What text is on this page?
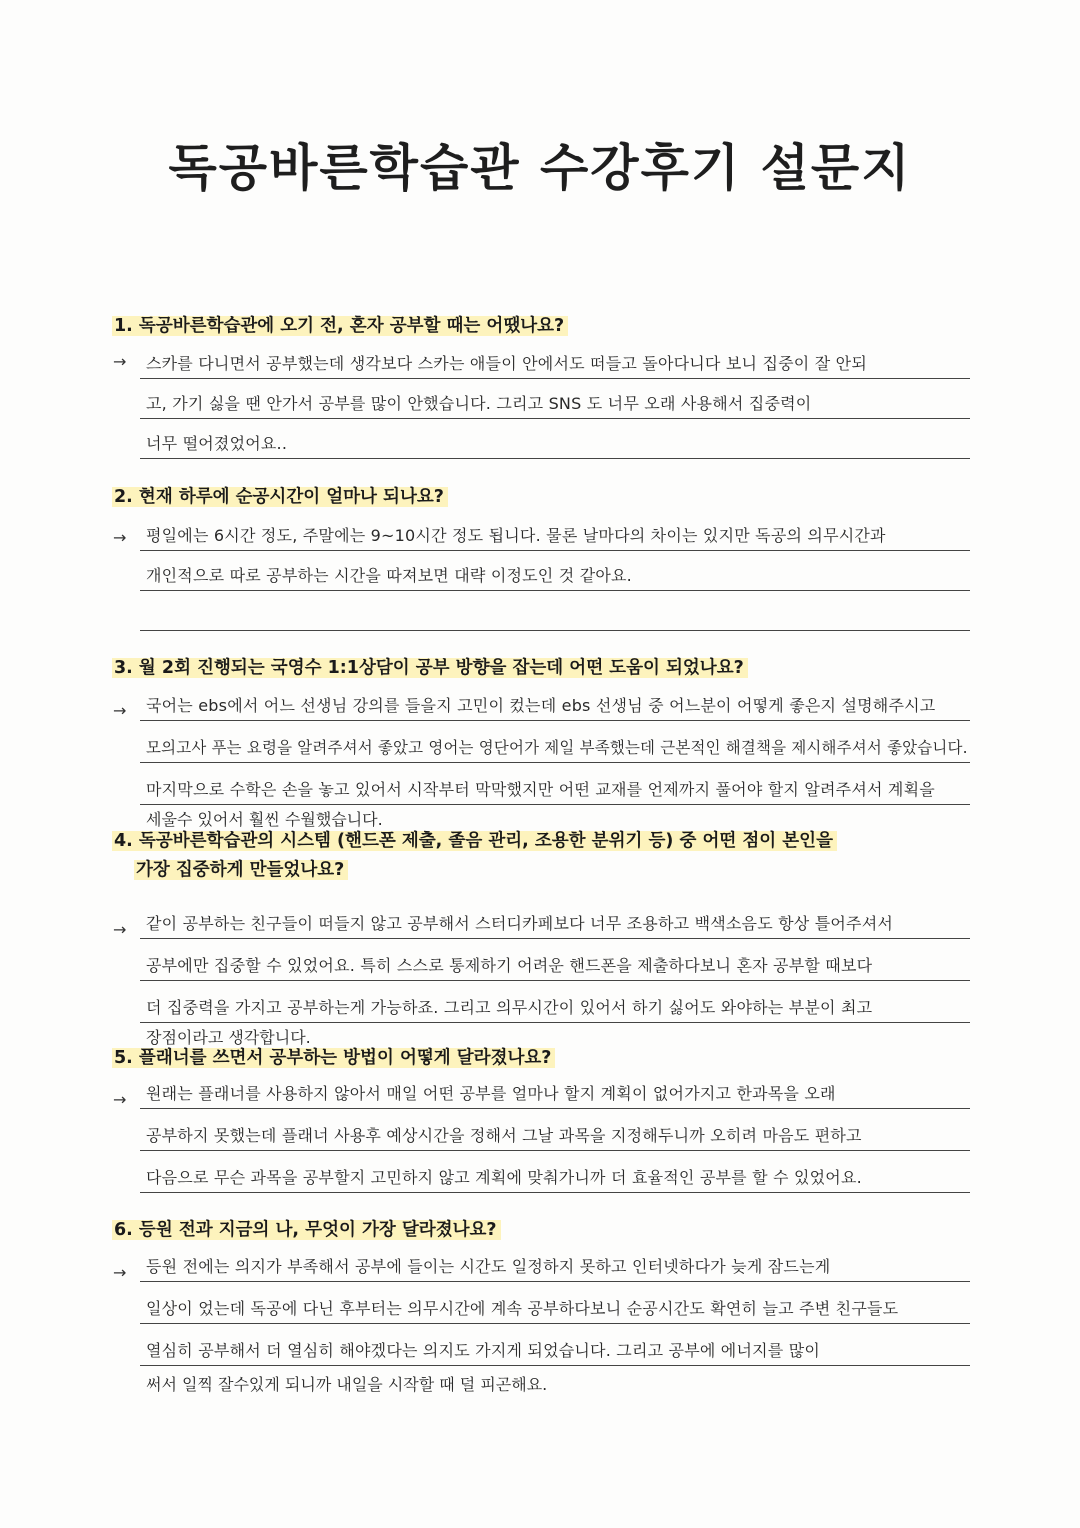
독공바른학습관 수강후기 설문지
1. 독공바른학습관에 오기 전, 혼자 공부할 때는 어땠나요?
→ 스카를 다니면서 공부했는데 생각보다 스카는 애들이 안에서도 떠들고 돌아다니다 보니 집중이 잘 안되
고, 가기 싫을 땐 안가서 공부를 많이 안했습니다. 그리고 SNS 도 너무 오래 사용해서 집중력이
너무 떨어졌었어요..
2. 현재 하루에 순공시간이 얼마나 되나요?
→ 평일에는 6시간 정도, 주말에는 9~10시간 정도 됩니다. 물론 날마다의 차이는 있지만 독공의 의무시간과
개인적으로 따로 공부하는 시간을 따져보면 대략 이정도인 것 같아요.
3. 월 2회 진행되는 국영수 1:1상담이 공부 방향을 잡는데 어떤 도움이 되었나요?
→ 국어는 ebs에서 어느 선생님 강의를 들을지 고민이 컸는데 ebs 선생님 중 어느분이 어떻게 좋은지 설명해주시고
모의고사 푸는 요령을 알려주셔서 좋았고 영어는 영단어가 제일 부족했는데 근본적인 해결책을 제시해주셔서 좋았습니다.
마지막으로 수학은 손을 놓고 있어서 시작부터 막막했지만 어떤 교재를 언제까지 풀어야 할지 알려주셔서 계획을
세울수 있어서 훨씬 수월했습니다.
4. 독공바른학습관의 시스템 (핸드폰 제출, 졸음 관리, 조용한 분위기 등) 중 어떤 점이 본인을
가장 집중하게 만들었나요?
→ 같이 공부하는 친구들이 떠들지 않고 공부해서 스터디카페보다 너무 조용하고 백색소음도 항상 틀어주셔서
공부에만 집중할 수 있었어요. 특히 스스로 통제하기 어려운 핸드폰을 제출하다보니 혼자 공부할 때보다
더 집중력을 가지고 공부하는게 가능하죠. 그리고 의무시간이 있어서 하기 싫어도 와야하는 부분이 최고
장점이라고 생각합니다.
5. 플래너를 쓰면서 공부하는 방법이 어떻게 달라졌나요?
→ 원래는 플래너를 사용하지 않아서 매일 어떤 공부를 얼마나 할지 계획이 없어가지고 한과목을 오래
공부하지 못했는데 플래너 사용후 예상시간을 정해서 그날 과목을 지정해두니까 오히려 마음도 편하고
다음으로 무슨 과목을 공부할지 고민하지 않고 계획에 맞춰가니까 더 효율적인 공부를 할 수 있었어요.
6. 등원 전과 지금의 나, 무엇이 가장 달라졌나요?
→ 등원 전에는 의지가 부족해서 공부에 들이는 시간도 일정하지 못하고 인터넷하다가 늦게 잠드는게
일상이 었는데 독공에 다닌 후부터는 의무시간에 계속 공부하다보니 순공시간도 확연히 늘고 주변 친구들도
열심히 공부해서 더 열심히 해야겠다는 의지도 가지게 되었습니다. 그리고 공부에 에너지를 많이
써서 일찍 잘수있게 되니까 내일을 시작할 때 덜 피곤해요.
